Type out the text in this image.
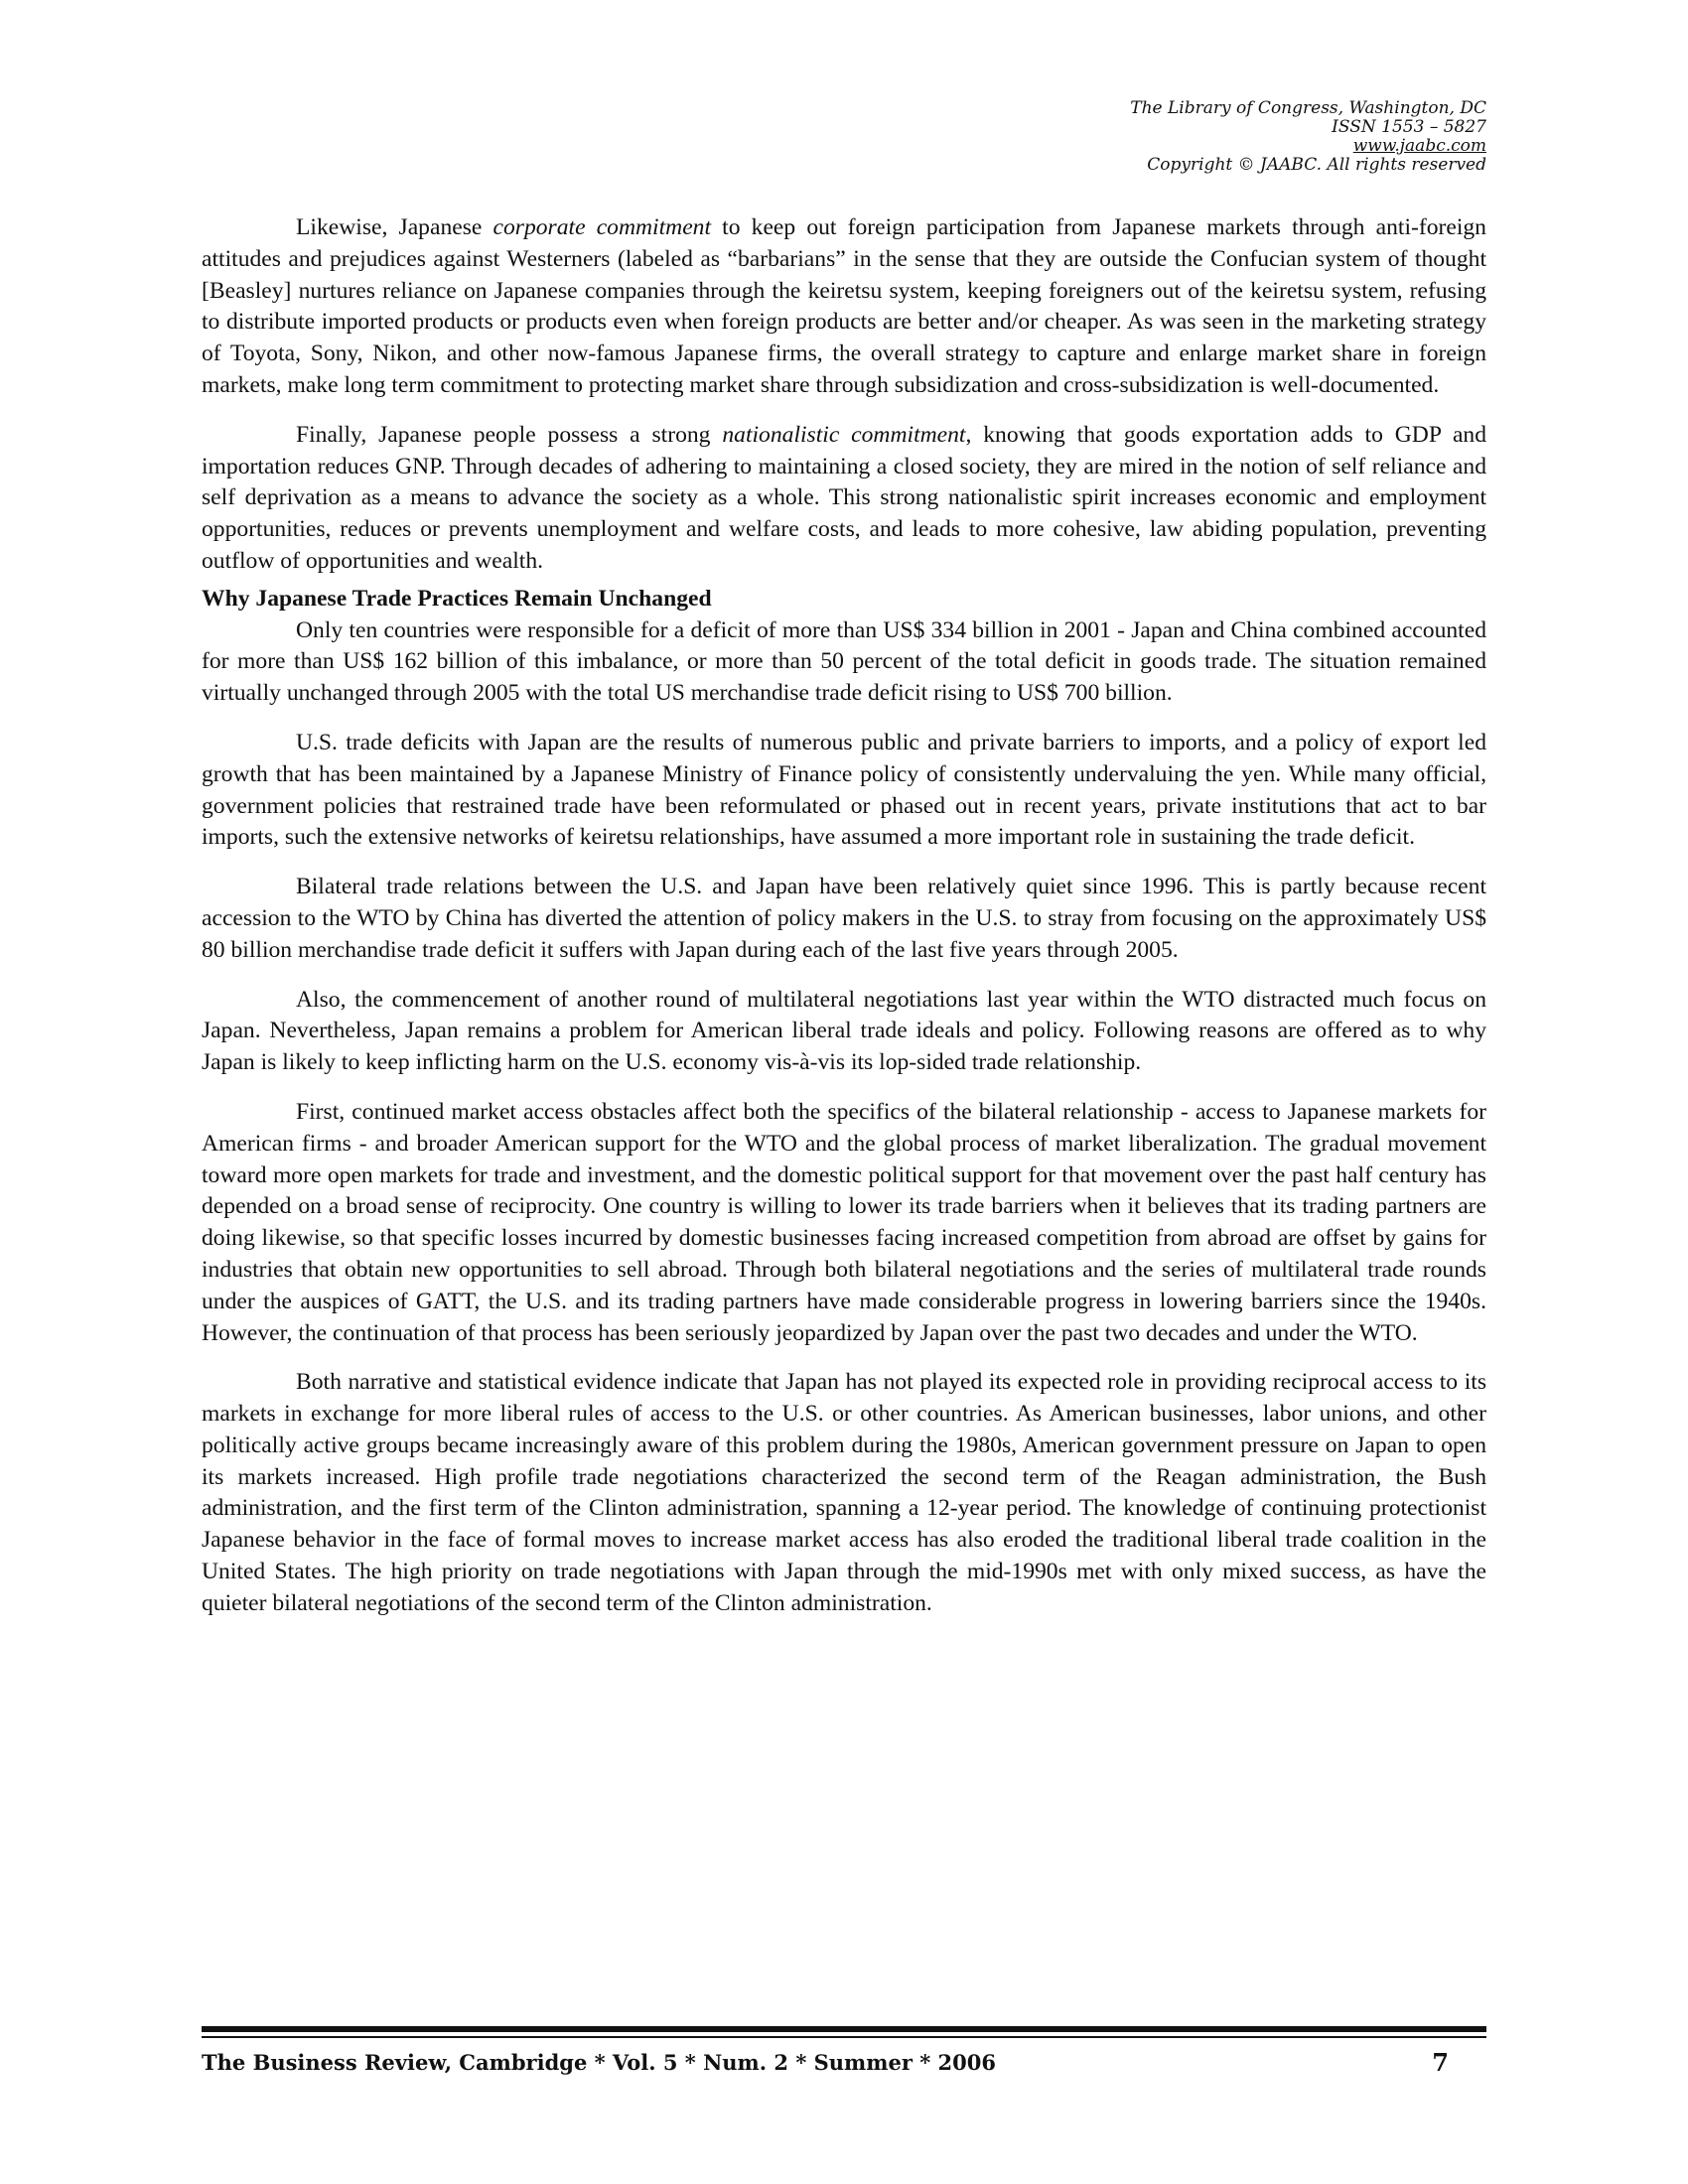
The Library of Congress, Washington, DC
ISSN 1553 – 5827
www.jaabc.com
Copyright © JAABC. All rights reserved

Likewise, Japanese corporate commitment to keep out foreign participation from Japanese markets through anti-foreign attitudes and prejudices against Westerners (labeled as “barbarians” in the sense that they are outside the Confucian system of thought [Beasley] nurtures reliance on Japanese companies through the keiretsu system, keeping foreigners out of the keiretsu system, refusing to distribute imported products or products even when foreign products are better and/or cheaper. As was seen in the marketing strategy of Toyota, Sony, Nikon, and other now-famous Japanese firms, the overall strategy to capture and enlarge market share in foreign markets, make long term commitment to protecting market share through subsidization and cross-subsidization is well-documented.

Finally, Japanese people possess a strong nationalistic commitment, knowing that goods exportation adds to GDP and importation reduces GNP. Through decades of adhering to maintaining a closed society, they are mired in the notion of self reliance and self deprivation as a means to advance the society as a whole. This strong nationalistic spirit increases economic and employment opportunities, reduces or prevents unemployment and welfare costs, and leads to more cohesive, law abiding population, preventing outflow of opportunities and wealth.

Why Japanese Trade Practices Remain Unchanged

Only ten countries were responsible for a deficit of more than US$ 334 billion in 2001 - Japan and China combined accounted for more than US$ 162 billion of this imbalance, or more than 50 percent of the total deficit in goods trade. The situation remained virtually unchanged through 2005 with the total US merchandise trade deficit rising to US$ 700 billion.

U.S. trade deficits with Japan are the results of numerous public and private barriers to imports, and a policy of export led growth that has been maintained by a Japanese Ministry of Finance policy of consistently undervaluing the yen. While many official, government policies that restrained trade have been reformulated or phased out in recent years, private institutions that act to bar imports, such the extensive networks of keiretsu relationships, have assumed a more important role in sustaining the trade deficit.

Bilateral trade relations between the U.S. and Japan have been relatively quiet since 1996. This is partly because recent accession to the WTO by China has diverted the attention of policy makers in the U.S. to stray from focusing on the approximately US$ 80 billion merchandise trade deficit it suffers with Japan during each of the last five years through 2005.

Also, the commencement of another round of multilateral negotiations last year within the WTO distracted much focus on Japan. Nevertheless, Japan remains a problem for American liberal trade ideals and policy. Following reasons are offered as to why Japan is likely to keep inflicting harm on the U.S. economy vis-à-vis its lop-sided trade relationship.

First, continued market access obstacles affect both the specifics of the bilateral relationship - access to Japanese markets for American firms - and broader American support for the WTO and the global process of market liberalization. The gradual movement toward more open markets for trade and investment, and the domestic political support for that movement over the past half century has depended on a broad sense of reciprocity. One country is willing to lower its trade barriers when it believes that its trading partners are doing likewise, so that specific losses incurred by domestic businesses facing increased competition from abroad are offset by gains for industries that obtain new opportunities to sell abroad. Through both bilateral negotiations and the series of multilateral trade rounds under the auspices of GATT, the U.S. and its trading partners have made considerable progress in lowering barriers since the 1940s. However, the continuation of that process has been seriously jeopardized by Japan over the past two decades and under the WTO.

Both narrative and statistical evidence indicate that Japan has not played its expected role in providing reciprocal access to its markets in exchange for more liberal rules of access to the U.S. or other countries. As American businesses, labor unions, and other politically active groups became increasingly aware of this problem during the 1980s, American government pressure on Japan to open its markets increased. High profile trade negotiations characterized the second term of the Reagan administration, the Bush administration, and the first term of the Clinton administration, spanning a 12-year period. The knowledge of continuing protectionist Japanese behavior in the face of formal moves to increase market access has also eroded the traditional liberal trade coalition in the United States. The high priority on trade negotiations with Japan through the mid-1990s met with only mixed success, as have the quieter bilateral negotiations of the second term of the Clinton administration.

The Business Review, Cambridge * Vol. 5 * Num. 2 * Summer * 2006	7
